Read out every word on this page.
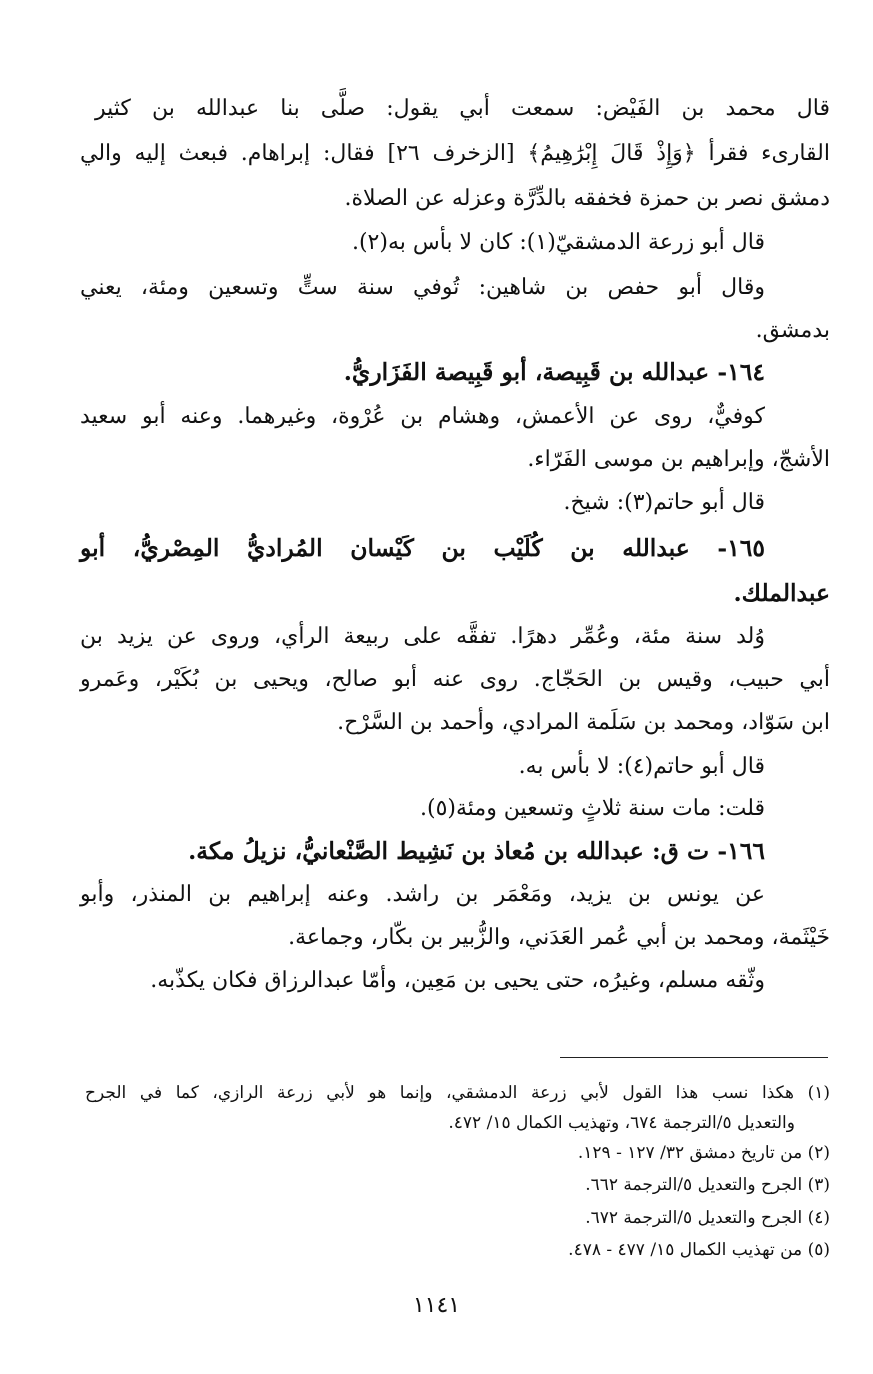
قال محمد بن الفَيْض: سمعت أبي يقول: صلَّى بنا عبدالله بن كثير
القارىء فقرأ ﴿وَإِذْ قَالَ إِبْرَٰهِيمُ﴾ [الزخرف ٢٦] فقال: إبراهام. فبعث إليه والي
دمشق نصر بن حمزة فخفقه بالدِّرَّة وعزله عن الصلاة.
قال أبو زرعة الدمشقيّ(١): كان لا بأس به(٢).
وقال أبو حفص بن شاهين: تُوفي سنة ستٍّ وتسعين ومئة، يعني
بدمشق.
١٦٤- عبدالله بن قَبِيصة، أبو قَبِيصة الفَزَاريُّ.
كوفيٌّ، روى عن الأعمش، وهشام بن عُرْوة، وغيرهما. وعنه أبو سعيد
الأشجّ، وإبراهيم بن موسى الفَرّاء.
قال أبو حاتم(٣): شيخ.
١٦٥- عبدالله بن كُلَيْب بن كَيْسان المُراديُّ المِصْريُّ، أبو
عبدالملك.
وُلد سنة مئة، وعُمِّر دهرًا. تفقَّه على ربيعة الرأي، وروى عن يزيد بن
أبي حبيب، وقيس بن الحَجّاج. روى عنه أبو صالح، ويحيى بن بُكَيْر، وعَمرو
ابن سَوّاد، ومحمد بن سَلَمة المرادي، وأحمد بن السَّرْح.
قال أبو حاتم(٤): لا بأس به.
قلت: مات سنة ثلاثٍ وتسعين ومئة(٥).
١٦٦- ت ق: عبدالله بن مُعاذ بن نَشِيط الصَّنْعانيُّ، نزيلُ مكة.
عن يونس بن يزيد، ومَعْمَر بن راشد. وعنه إبراهيم بن المنذر، وأبو
خَيْثَمة، ومحمد بن أبي عُمر العَدَني، والزُّبير بن بكّار، وجماعة.
وثّقه مسلم، وغيرُه، حتى يحيى بن مَعِين، وأمّا عبدالرزاق فكان يكذّبه.
(١) هكذا نسب هذا القول لأبي زرعة الدمشقي، وإنما هو لأبي زرعة الرازي، كما في الجرح
والتعديل ٥/الترجمة ٦٧٤، وتهذيب الكمال ١٥/ ٤٧٢.
(٢) من تاريخ دمشق ٣٢/ ١٢٧ - ١٢٩.
(٣) الجرح والتعديل ٥/الترجمة ٦٦٢.
(٤) الجرح والتعديل ٥/الترجمة ٦٧٢.
(٥) من تهذيب الكمال ١٥/ ٤٧٧ - ٤٧٨.
١١٤١
